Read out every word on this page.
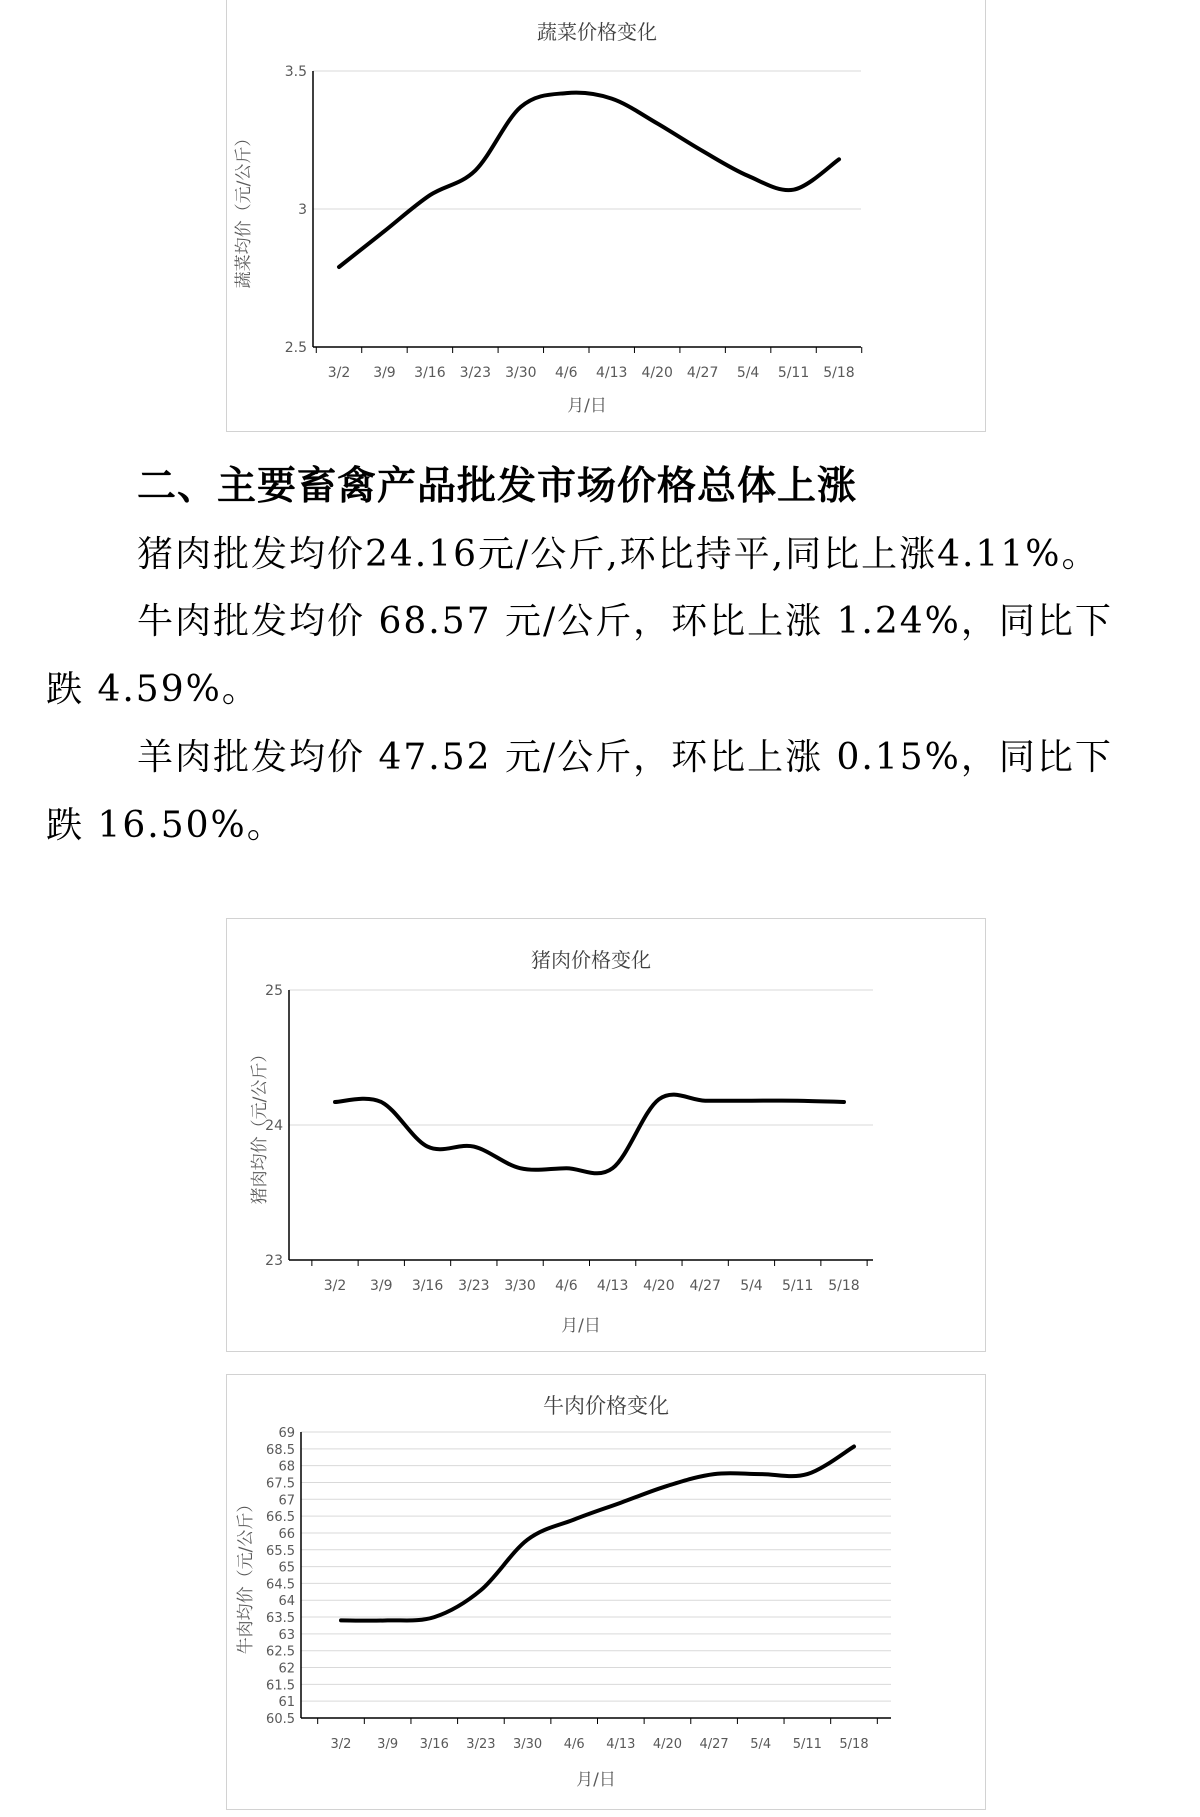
2.5
3
3.5
3/2 3/9 3/16 3/23 3/30 4/6 4/13 4/20 4/27 5/4 5/11 5/18
蔬菜价格变化
月/日
蔬菜均价（元/公斤）
二、主要畜禽产品批发市场价格总体上涨
猪肉批发均价24.16元/公斤,环比持平,同比上涨4.11%。
牛肉批发均价 68.57 元/公斤，环比上涨 1.24%，同比下
跌 4.59%。
羊肉批发均价 47.52 元/公斤，环比上涨 0.15%，同比下
跌 16.50%。
23
24
25
3/2 3/9 3/16 3/23 3/30 4/6 4/13 4/20 4/27 5/4 5/11 5/18
猪肉价格变化
月/日
猪肉均价（元/公斤）
60.5
61
61.5
62
62.5
63
63.5
64
64.5
65
65.5
66
66.5
67
67.5
68
68.5
69
3/2 3/9 3/16 3/23 3/30 4/6 4/13 4/20 4/27 5/4 5/11 5/18
牛肉价格变化
月/日
牛肉均价（元/公斤）
